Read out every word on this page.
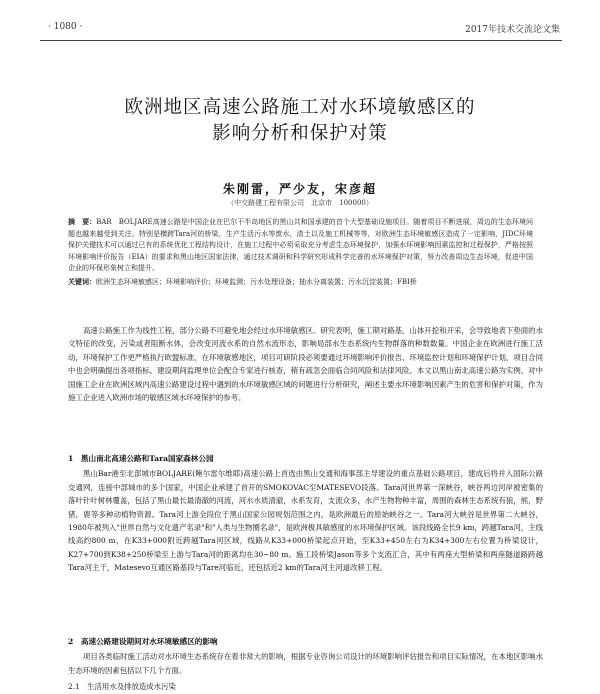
· 1080 ·	2017年技术交流论文集
欧洲地区高速公路施工对水环境敏感区的
影响分析和保护对策
朱刚雷，严少友，宋彦超
（中交路建工程有限公司　北京市　100000）
摘　要：BAR　BOLJARE高速公路是中国企业在巴尔干半岛地区的黑山共和国承建的首个大型基础设施项目。随着项目不断进展，周边的生态环境问题也越来越受到关注。特别是横跨Tara河的桥梁，生产生活污水等废水，渣土以及施工机械等等，对欧洲生态环境敏感区造成了一定影响，JIDC环境保护关键技术可以通过已有的系统优化工程结构设计，在施工过程中必须采取充分考虑生态环境保护，加强水环境影响因素监控和过程保护，严格按照环境影响评价报告（EIA）的要求和黑山地区国家法律，通过技术调研和科学研究形成科学完善的水环境保护对策，努力改善周边生态环境，促进中国企业的环保形象树立和提升。
关键词：欧洲生态环境敏感区；环境影响评价；环境监测；污水处理设备；抽水分离装置；污水沉淀装置；FBI桥

高速公路施工作为线性工程，部分公路不可避免地会经过水环境敏感区。研究表明，施工期对路基，山体开挖和开采，会导致地表下垫面的水文特征的改变，污染或者阻断水体，会改变河流水系的自然水流形态，影响局部水生态系统内生物群落的种数数量。中国企业在欧洲进行施工活动，环境保护工作更严格执行欧盟标准，在环境敏感地区，项目可研阶段必须要通过环境影响评价报告、环境监控计划和环境保护计划，项目合同中也会明确提出各项指标，建设期间监理单位会配合专家进行核查，稍有疏忽会面临合同风险和法律风险。本文以黑山南北高速公路为实例，对中国施工企业在欧洲区域内高速公路建设过程中遇到的水环境敏感区域的问题进行分析研究，阐述主要水环境影响因素产生的危害和保护对策，作为施工企业进入欧洲市场的敏感区域水环境保护的参考。

1　黑山南北高速公路和Tara国家森林公园

黑山Bar港至北部城市BOLJARE(鲍尔雷尔维耶)高速公路上首选由黑山交通和海事部主导建设的重点基础公路项目，建成后将并入国际公路交通网，连接中部城市的多个国家，中国企业承建了首开的SMOKOVAC至MATESEVO段落。Tara河世界第一深峡谷，峡谷两边河岸被密集的落叶针叶树林覆盖，包括了黑山最长最清澈的河流，河水水质清澈，水系发育，支流众多，水产生物物种丰富，周围的森林生态系统有狼，熊，野猪，鹿等多种动植物资源。Tara河上游全段位于黑山国家公园规划范围之内，是欧洲最后的原始峡谷之一。Tara河大峡谷是世界第二大峡谷，1980年被列入"世界自然与文化遗产名录"和"人类与生物圈名录"，是欧洲极具敏感度的水环境保护区域。该段线路全长9 km，跨越Tara河，主线线高约800 m，在K33+000附近跨越Tara河区域，线路从K33+000桥梁起点开始，至K33+450左右为K34+300左右位置为桥梁设计，K27+700到K38+250桥梁至上游与Tara河的距离均在30~80 m。施工段桥梁Jason等多个支流汇合，其中有两座大型桥梁和两座隧道路跨越Tara河主干，Matesevo互通区路基段与Tare河临近，还包括近2 km的Tara河主河道改移工程。

2　高速公路建设期间对水环境敏感区的影响

项目各类临时施工活动对水环境生态系统存在着非常大的影响，根据专业咨询公司设计的环境影响评估报告和项目实际情况，在本地区影响水生态环境的因素包括以下几个方面。

2.1　生活用水及排放造成水污染
